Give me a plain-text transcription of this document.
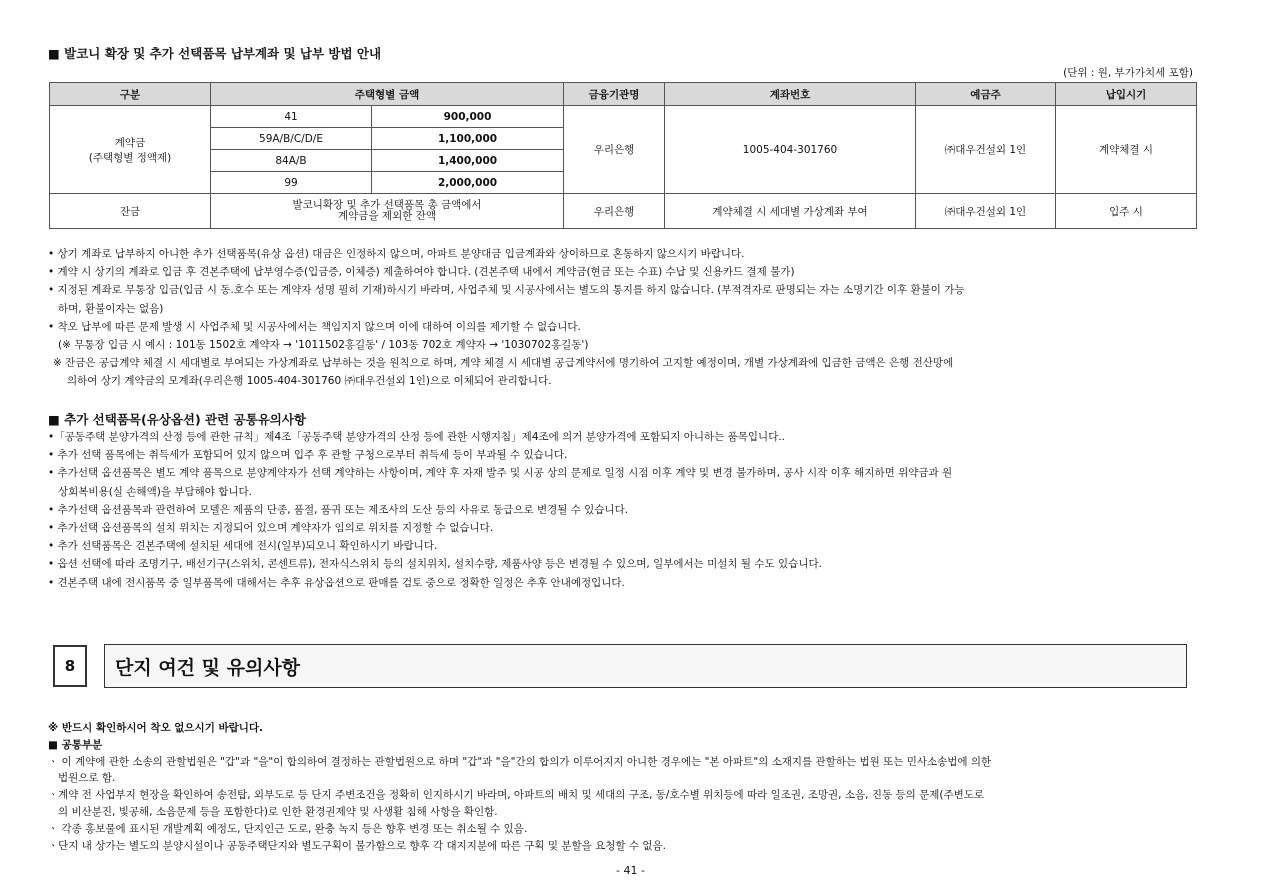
■ 발코니 확장 및 추가 선택품목 납부계좌 및 납부 방법 안내
(단위 : 원, 부가가치세 포함)
구분	주택형별 금액		금융기관명	계좌번호	예금주	납입시기

계약금
(주택형별 정액제)	41	900,000	우리은행	1005-404-301760	㈜대우건설외 1인	계약체결 시
	59A/B/C/D/E	1,100,000				
	84A/B	1,400,000				
	99	2,000,000				
잔금	발코니확장 및 추가 선택품목 총 금액에서
계약금을 제외한 잔액		우리은행	계약체결 시 세대별 가상계좌 부여	㈜대우건설외 1인	입주 시
• 상기 계좌로 납부하지 아니한 추가 선택품목(유상 옵션) 대금은 인정하지 않으며, 아파트 분양대금 입금계좌와 상이하므로 혼동하지 않으시기 바랍니다.
• 계약 시 상기의 계좌로 입금 후 견본주택에 납부영수증(입금증, 이체증) 제출하여야 합니다. (견본주택 내에서 계약금(현금 또는 수표) 수납 및 신용카드 결제 불가)
• 지정된 계좌로 무통장 입금(입금 시 동.호수 또는 계약자 성명 필히 기재)하시기 바라며, 사업주체 및 시공사에서는 별도의 통지를 하지 않습니다. (부적격자로 판명되는 자는 소명기간 이후 환불이 가능
하며, 환불이자는 없음)
• 착오 납부에 따른 문제 발생 시 사업주체 및 시공사에서는 책임지지 않으며 이에 대하여 이의를 제기할 수 없습니다.
(※ 무통장 입금 시 예시 : 101동 1502호 계약자 → '101150​2홍길동' / 103동 702호 계약자 → '1030702홍길동')
※ 잔금은 공급계약 체결 시 세대별로 부여되는 가상계좌로 납부하는 것을 원칙으로 하며, 계약 체결 시 세대별 공급계약서에 명기하여 고지할 예정이며, 개별 가상계좌에 입금한 금액은 은행 전산망에
의하여 상기 계약금의 모계좌(우리은행 1005-404-301760 ㈜대우건설외 1인)으로 이체되어 관리합니다.
■ 추가 선택품목(유상옵션) 관련 공통유의사항
•「공동주택 분양가격의 산정 등에 관한 규칙」제4조「공동주택 분양가격의 산정 등에 관한 시행지침」제4조에 의거 분양가격에 포함되지 아니하는 품목입니다..
• 추가 선택 품목에는 취득세가 포함되어 있지 않으며 입주 후 관할 구청으로부터 취득세 등이 부과될 수 있습니다.
• 추가선택 옵션품목은 별도 계약 품목으로 분양계약자가 선택 계약하는 사항이며, 계약 후 자재 발주 및 시공 상의 문제로 일정 시점 이후 계약 및 변경 불가하며, 공사 시작 이후 해지하면 위약금과 원
상회복비용(실 손해액)을 부담해야 합니다.
• 추가선택 옵션품목과 관련하여 모델은 제품의 단종, 품절, 품귀 또는 제조사의 도산 등의 사유로 동급으로 변경될 수 있습니다.
• 추가선택 옵션품목의 설치 위치는 지정되어 있으며 계약자가 임의로 위치를 지정할 수 없습니다.
• 추가 선택품목은 견본주택에 설치된 세대에 전시(일부)되오니 확인하시기 바랍니다.
• 옵션 선택에 따라 조명기구, 배선기구(스위치, 콘센트류), 전자식스위치 등의 설치위치, 설치수량, 제품사양 등은 변경될 수 있으며, 일부에서는 미설치 될 수도 있습니다.
• 견본주택 내에 전시품목 중 일부품목에 대해서는 추후 유상옵션으로 판매를 검토 중으로 정확한 일정은 추후 안내예정입니다.
8	단지 여건 및 유의사항
※ 반드시 확인하시어 착오 없으시기 바랍니다.
■ 공통부분
ㆍ 이 계약에 관한 소송의 관할법원은 "갑"과 "을"이 합의하여 결정하는 관할법원으로 하며 "갑"과 "을"간의 합의가 이루어지지 아니한 경우에는 "본 아파트"의 소재지를 관할하는 법원 또는 민사소송법에 의한
법원으로 함.
ㆍ계약 전 사업부지 현장을 확인하여 송전탑, 외부도로 등 단지 주변조건을 정확히 인지하시기 바라며, 아파트의 배치 및 세대의 구조, 동/호수별 위치등에 따라 일조권, 조망권, 소음, 진동 등의 문제(주변도로
의 비산분진, 빛공해, 소음문제 등을 포함한다)로 인한 환경권제약 및 사생활 침해 사항을 확인함.
ㆍ 각종 홍보물에 표시된 개발계획 예정도, 단지인근 도로, 완충 녹지 등은 향후 변경 또는 취소될 수 있음.
ㆍ단지 내 상가는 별도의 분양시설이나 공동주택단지와 별도구획이 불가함으로 향후 각 대지지분에 따른 구획 및 분할을 요청할 수 없음.
- 41 -
